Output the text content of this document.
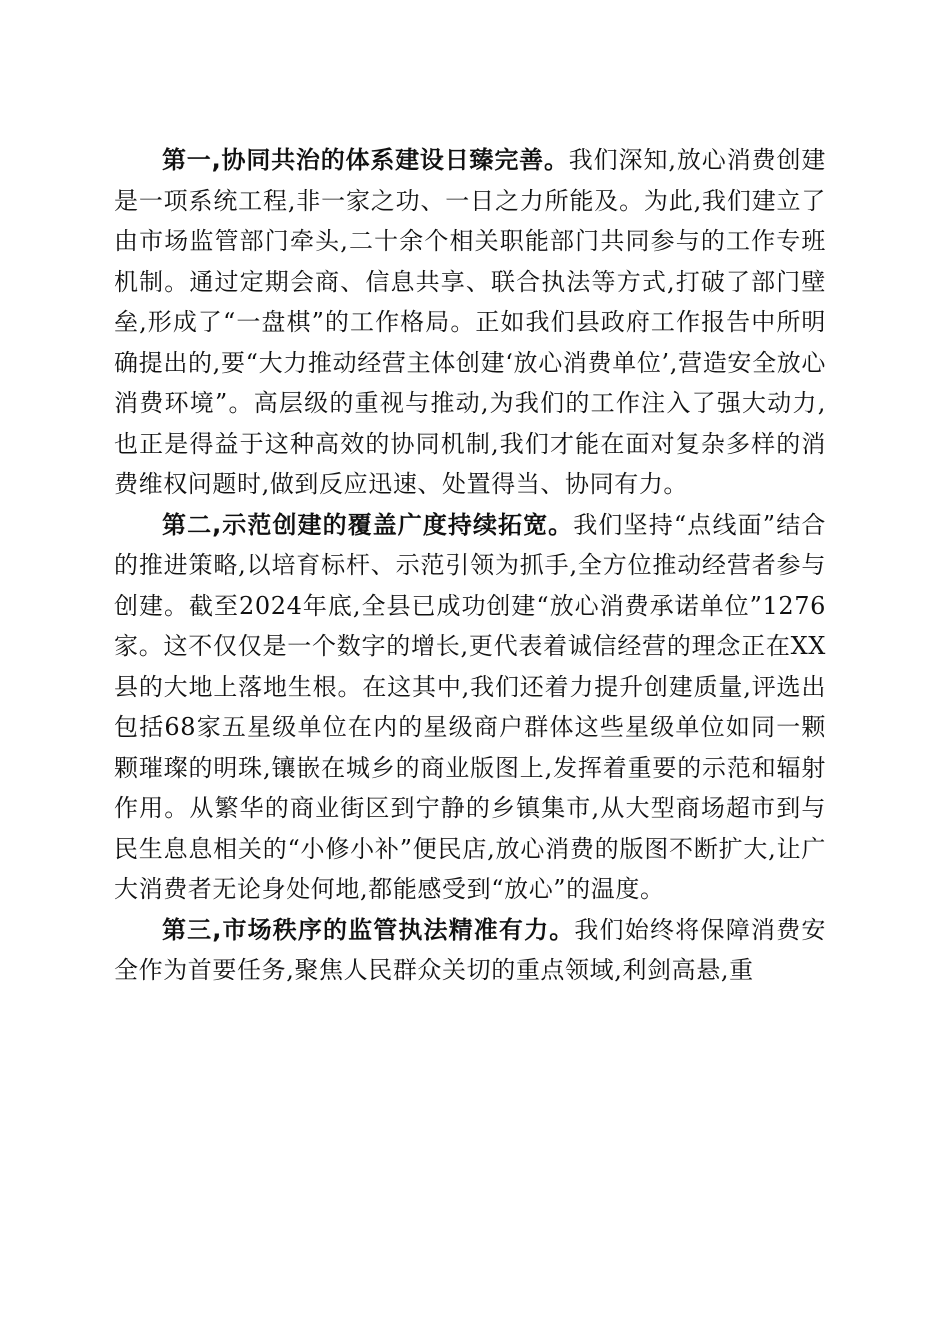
第一,协同共治的体系建设日臻完善。我们深知,放心消费创建是一项系统工程,非一家之功、一日之力所能及。为此,我们建立了由市场监管部门牵头,二十余个相关职能部门共同参与的工作专班机制。通过定期会商、信息共享、联合执法等方式,打破了部门壁垒,形成了“一盘棋”的工作格局。正如我们县政府工作报告中所明确提出的,要“大力推动经营主体创建‘放心消费单位’,营造安全放心消费环境”。高层级的重视与推动,为我们的工作注入了强大动力,也正是得益于这种高效的协同机制,我们才能在面对复杂多样的消费维权问题时,做到反应迅速、处置得当、协同有力。

第二,示范创建的覆盖广度持续拓宽。我们坚持“点线面”结合的推进策略,以培育标杆、示范引领为抓手,全方位推动经营者参与创建。截至2024年底,全县已成功创建“放心消费承诺单位”1276家。这不仅仅是一个数字的增长,更代表着诚信经营的理念正在XX县的大地上落地生根。在这其中,我们还着力提升创建质量,评选出包括68家五星级单位在内的星级商户群体这些星级单位如同一颗颗璀璨的明珠,镶嵌在城乡的商业版图上,发挥着重要的示范和辐射作用。从繁华的商业街区到宁静的乡镇集市,从大型商场超市到与民生息息相关的“小修小补”便民店,放心消费的版图不断扩大,让广大消费者无论身处何地,都能感受到“放心”的温度。

第三,市场秩序的监管执法精准有力。我们始终将保障消费安全作为首要任务,聚焦人民群众关切的重点领域,利剑高悬,重
